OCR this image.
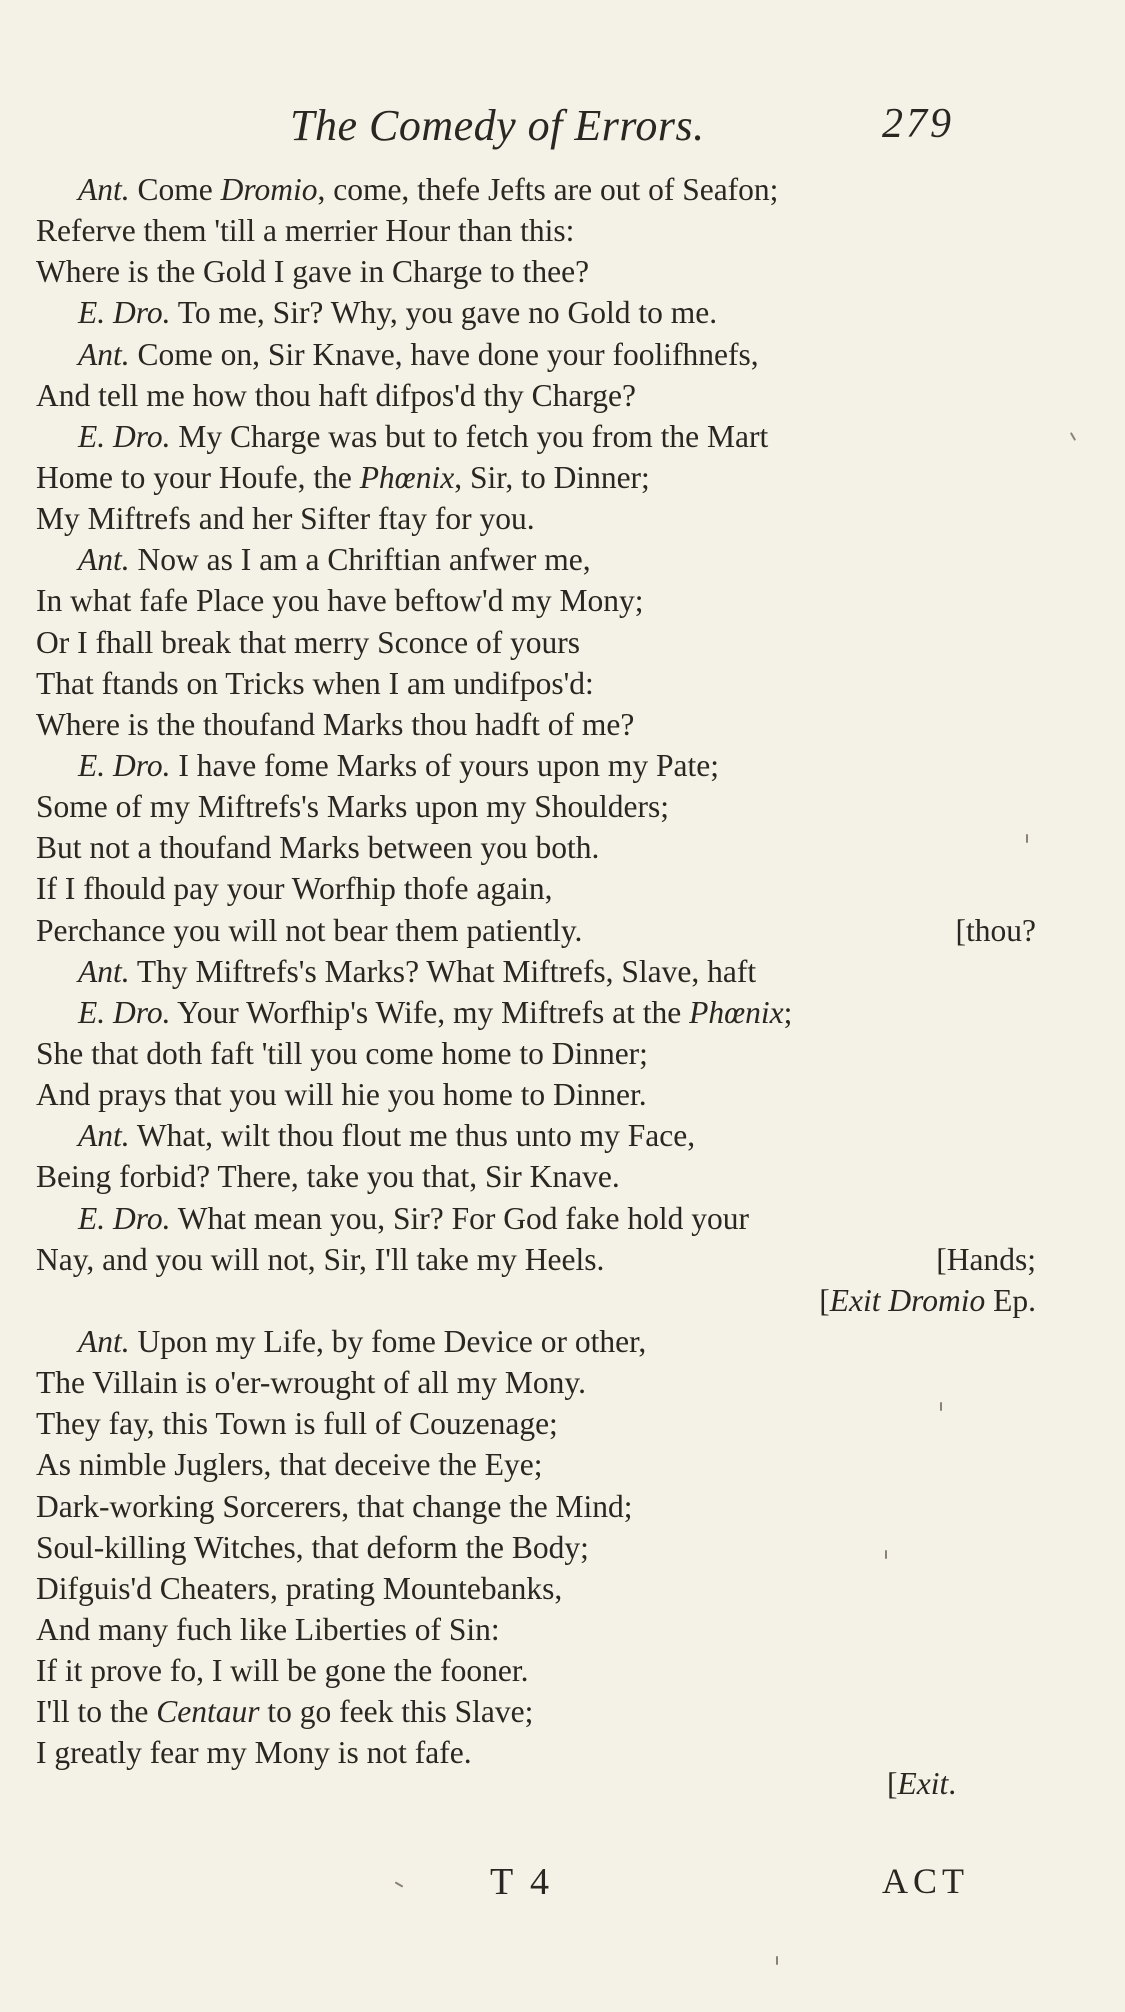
The Comedy of Errors.	279
Ant. Come Dromio, come, thefe Jefts are out of Seafon;
Referve them 'till a merrier Hour than this:
Where is the Gold I gave in Charge to thee?
E. Dro. To me, Sir? Why, you gave no Gold to me.
Ant. Come on, Sir Knave, have done your foolifhnefs,
And tell me how thou haft difpos'd thy Charge?
E. Dro. My Charge was but to fetch you from the Mart
Home to your Houfe, the Phœnix, Sir, to Dinner;
My Miftrefs and her Sifter ftay for you.
Ant. Now as I am a Chriftian anfwer me,
In what fafe Place you have beftow'd my Mony;
Or I fhall break that merry Sconce of yours
That ftands on Tricks when I am undifpos'd:
Where is the thoufand Marks thou hadft of me?
E. Dro. I have fome Marks of yours upon my Pate;
Some of my Miftrefs's Marks upon my Shoulders;
But not a thoufand Marks between you both.
If I fhould pay your Worfhip thofe again,
Perchance you will not bear them patiently.	[thou?
Ant. Thy Miftrefs's Marks? What Miftrefs, Slave, haft
E. Dro. Your Worfhip's Wife, my Miftrefs at the Phœnix;
She that doth faft 'till you come home to Dinner;
And prays that you will hie you home to Dinner.
Ant. What, wilt thou flout me thus unto my Face,
Being forbid? There, take you that, Sir Knave.
E. Dro. What mean you, Sir? For God fake hold your
Nay, and you will not, Sir, I'll take my Heels.	[Hands;
[Exit Dromio Ep.
Ant. Upon my Life, by fome Device or other,
The Villain is o'er-wrought of all my Mony.
They fay, this Town is full of Couzenage;
As nimble Juglers, that deceive the Eye;
Dark-working Sorcerers, that change the Mind;
Soul-killing Witches, that deform the Body;
Difguis'd Cheaters, prating Mountebanks,
And many fuch like Liberties of Sin:
If it prove fo, I will be gone the fooner.
I'll to the Centaur to go feek this Slave;
I greatly fear my Mony is not fafe.
[Exit.
T 4	ACT
